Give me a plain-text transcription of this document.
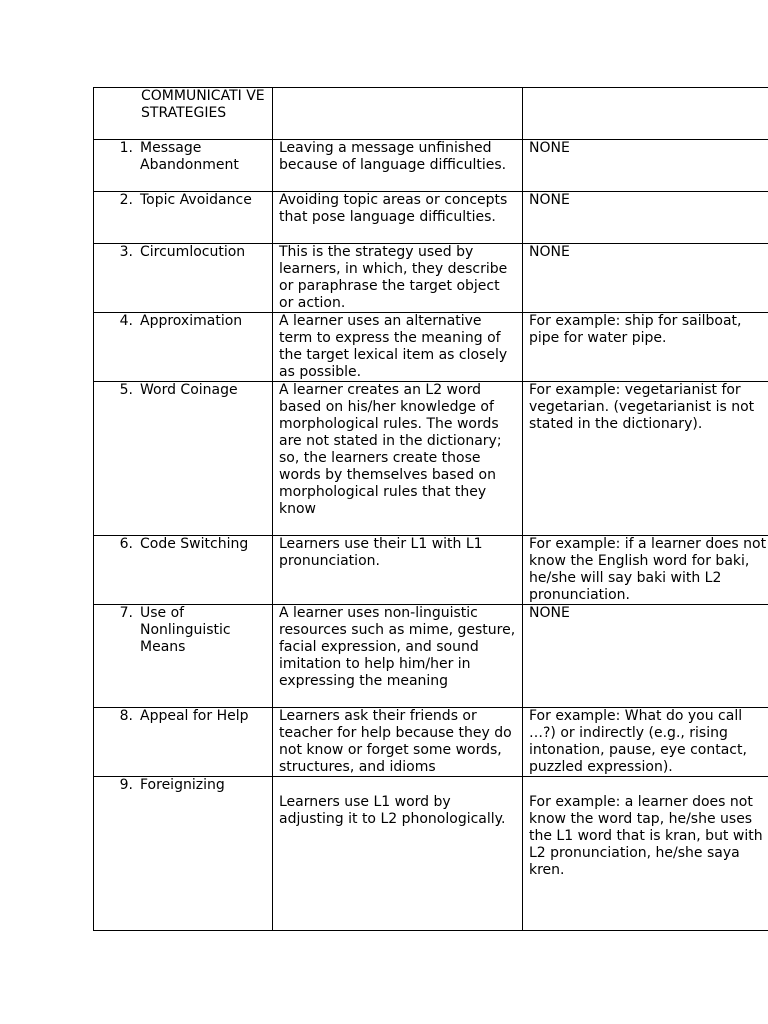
COMMUNICATI VE STRATEGIES		

1. Message Abandonment	Leaving a message unfinished because of language difficulties.	NONE

2. Topic Avoidance	Avoiding topic areas or concepts that pose language difficulties.	NONE

3. Circumlocution	This is the strategy used by learners, in which, they describe or paraphrase the target object or action.	NONE

4. Approximation	A learner uses an alternative term to express the meaning of the target lexical item as closely as possible.	For example: ship for sailboat, pipe for water pipe.

5. Word Coinage	A learner creates an L2 word based on his/her knowledge of morphological rules. The words are not stated in the dictionary; so, the learners create those words by themselves based on morphological rules that they know	For example: vegetarianist for vegetarian. (vegetarianist is not stated in the dictionary).

6. Code Switching	Learners use their L1 with L1 pronunciation.	For example: if a learner does not know the English word for baki, he/she will say baki with L2 pronunciation.

7. Use of Nonlinguistic Means	A learner uses non-linguistic resources such as mime, gesture, facial expression, and sound imitation to help him/her in expressing the meaning	NONE

8. Appeal for Help	Learners ask their friends or teacher for help because they do not know or forget some words, structures, and idioms	For example: What do you call …?) or indirectly (e.g., rising intonation, pause, eye contact, puzzled expression).

9. Foreignizing	Learners use L1 word by adjusting it to L2 phonologically.	For example: a learner does not know the word tap, he/she uses the L1 word that is kran, but with L2 pronunciation, he/she saya kren.
